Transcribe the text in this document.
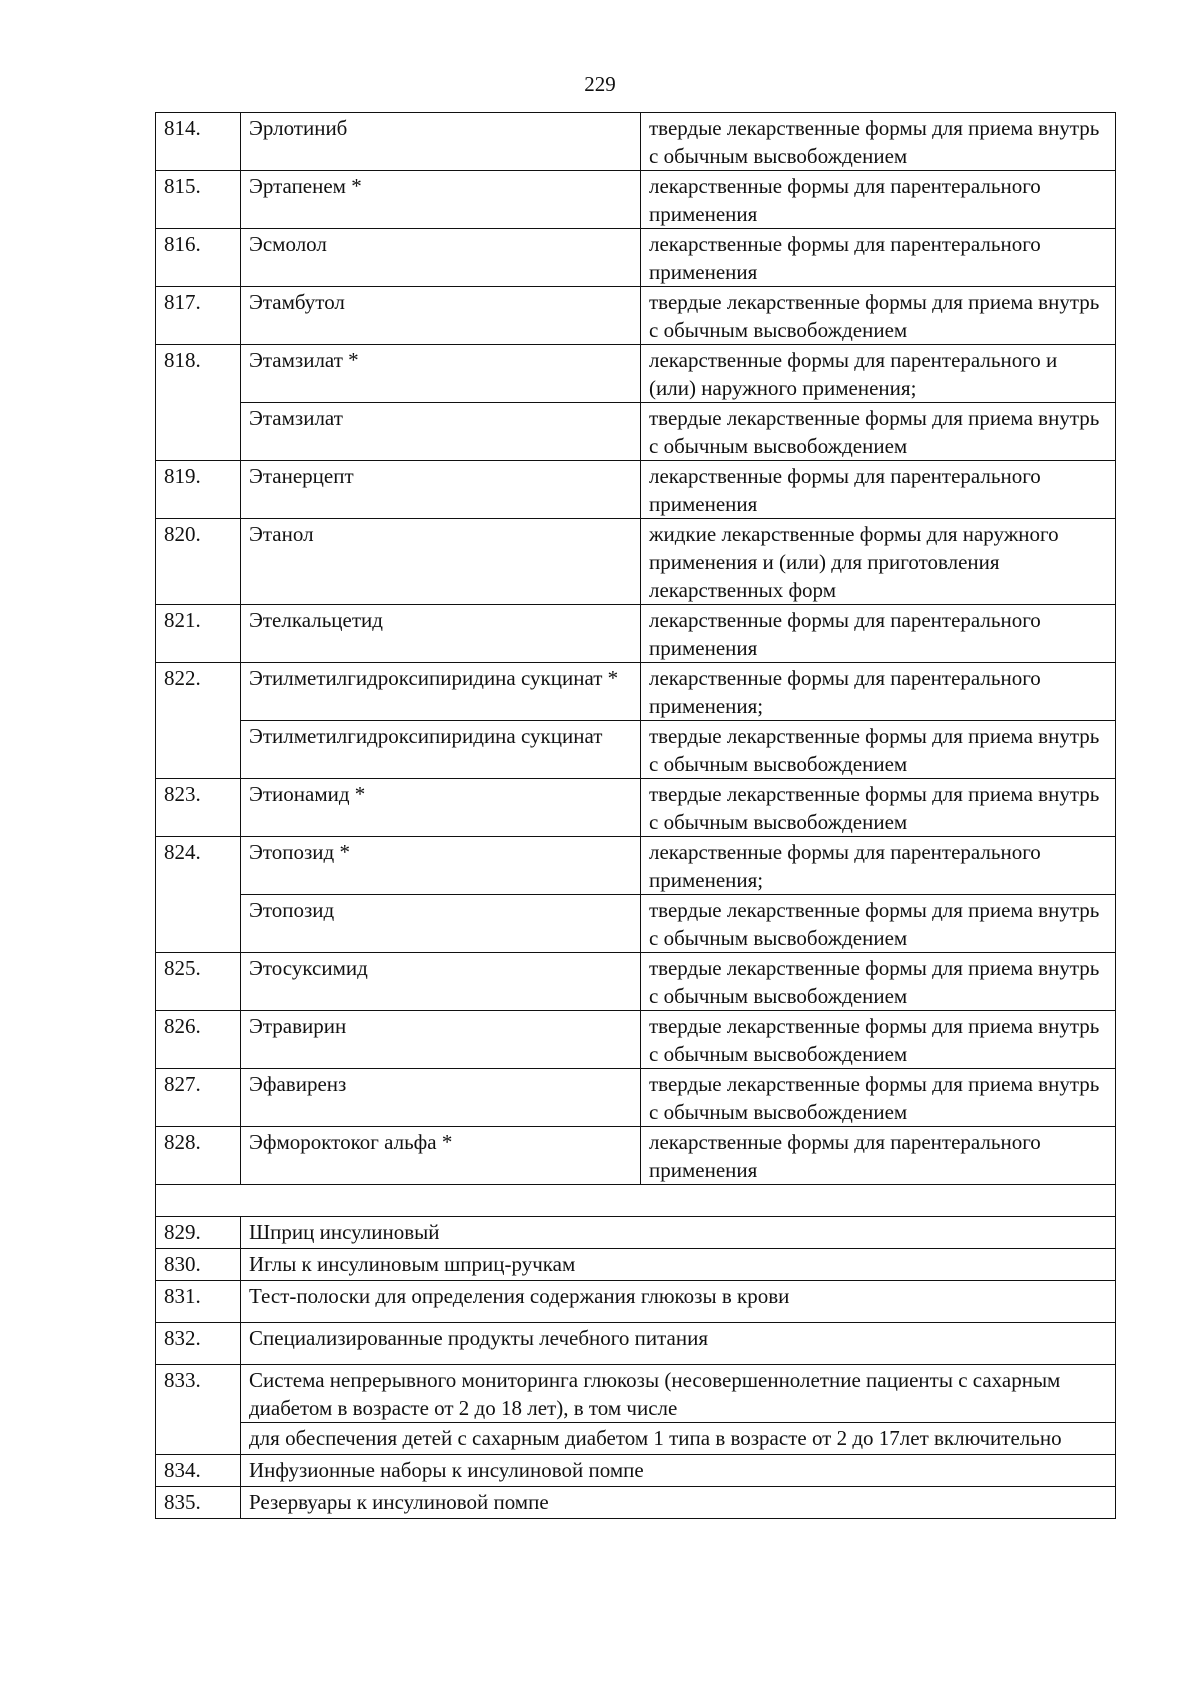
229
814.	Эрлотиниб	твердые лекарственные формы для приема внутрь с обычным высвобождением
815.	Эртапенем *	лекарственные формы для парентерального применения
816.	Эсмолол	лекарственные формы для парентерального применения
817.	Этамбутол	твердые лекарственные формы для приема внутрь с обычным высвобождением
818.	Этамзилат *	лекарственные формы для парентерального и (или) наружного применения;
	Этамзилат	твердые лекарственные формы для приема внутрь с обычным высвобождением
819.	Этанерцепт	лекарственные формы для парентерального применения
820.	Этанол	жидкие лекарственные формы для наружного применения и (или) для приготовления лекарственных форм
821.	Этелкальцетид	лекарственные формы для парентерального применения
822.	Этилметилгидроксипиридина сукцинат *	лекарственные формы для парентерального применения;
	Этилметилгидроксипиридина сукцинат	твердые лекарственные формы для приема внутрь с обычным высвобождением
823.	Этионамид *	твердые лекарственные формы для приема внутрь с обычным высвобождением
824.	Этопозид *	лекарственные формы для парентерального применения;
	Этопозид	твердые лекарственные формы для приема внутрь с обычным высвобождением
825.	Этосуксимид	твердые лекарственные формы для приема внутрь с обычным высвобождением
826.	Этравирин	твердые лекарственные формы для приема внутрь с обычным высвобождением
827.	Эфавиренз	твердые лекарственные формы для приема внутрь с обычным высвобождением
828.	Эфмороктоког альфа *	лекарственные формы для парентерального применения

829.	Шприц инсулиновый	
830.	Иглы к инсулиновым шприц-ручкам	
831.	Тест-полоски для определения содержания глюкозы в крови	
832.	Специализированные продукты лечебного питания	
833.	Система непрерывного мониторинга глюкозы (несовершеннолетние пациенты с сахарным диабетом в возрасте от 2 до 18 лет), в том числе	
	для обеспечения детей с сахарным диабетом 1 типа в возрасте от 2 до 17лет включительно	
834.	Инфузионные наборы к инсулиновой помпе	
835.	Резервуары к инсулиновой помпе	
